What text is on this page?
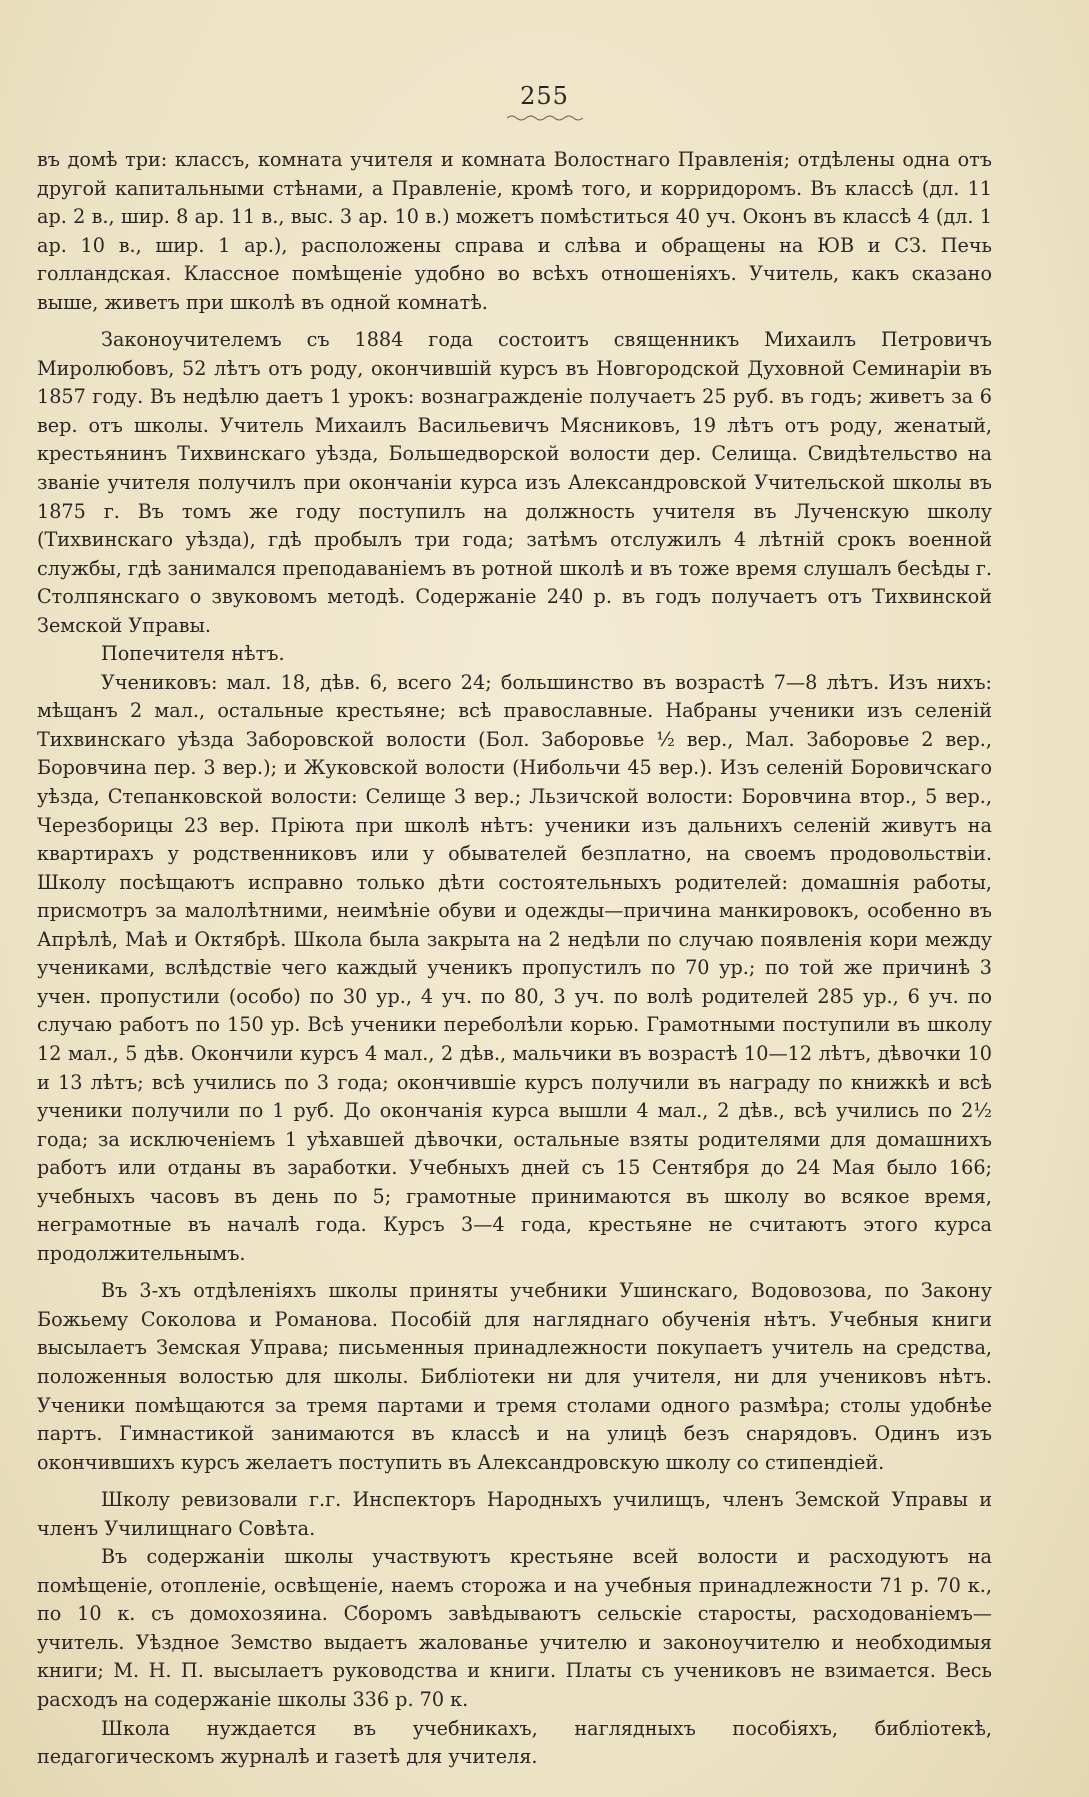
255

въ домѣ три: классъ, комната учителя и комната Волостнаго Правленія; отдѣлены одна отъ другой капитальными стѣнами, а Правленіе, кромѣ того, и корридоромъ. Въ классѣ (дл. 11 ар. 2 в., шир. 8 ар. 11 в., выс. 3 ар. 10 в.) можетъ помѣститься 40 уч. Оконъ въ классѣ 4 (дл. 1 ар. 10 в., шир. 1 ар.), расположены справа и слѣва и обращены на ЮВ и СЗ. Печь голландская. Классное помѣщеніе удобно во всѣхъ отношеніяхъ. Учитель, какъ сказано выше, живетъ при школѣ въ одной комнатѣ.

Законоучителемъ съ 1884 года состоитъ священникъ Михаилъ Петровичъ Миролюбовъ, 52 лѣтъ отъ роду, окончившій курсъ въ Новгородской Духовной Семинаріи въ 1857 году. Въ недѣлю даетъ 1 урокъ: вознагражденіе получаетъ 25 руб. въ годъ; живетъ за 6 вер. отъ школы. Учитель Михаилъ Васильевичъ Мясниковъ, 19 лѣтъ отъ роду, женатый, крестьянинъ Тихвинскаго уѣзда, Большедворской волости дер. Селища. Свидѣтельство на званіе учителя получилъ при окончаніи курса изъ Александровской Учительской школы въ 1875 г. Въ томъ же году поступилъ на должность учителя въ Лученскую школу (Тихвинскаго уѣзда), гдѣ пробылъ три года; затѣмъ отслужилъ 4 лѣтній срокъ военной службы, гдѣ занимался преподаваніемъ въ ротной школѣ и въ тоже время слушалъ бесѣды г. Столпянскаго о звуковомъ методѣ. Содержаніе 240 р. въ годъ получаетъ отъ Тихвинской Земской Управы.

Попечителя нѣтъ.

Учениковъ: мал. 18, дѣв. 6, всего 24; большинство въ возрастѣ 7—8 лѣтъ. Изъ нихъ: мѣщанъ 2 мал., остальные крестьяне; всѣ православные. Набраны ученики изъ селеній Тихвинскаго уѣзда Заборовской волости (Бол. Заборовье ½ вер., Мал. Заборовье 2 вер., Боровчина пер. 3 вер.); и Жуковской волости (Нибольчи 45 вер.). Изъ селеній Боровичскаго уѣзда, Степанковской волости: Селище 3 вер.; Льзичской волости: Боровчина втор., 5 вер., Черезборицы 23 вер. Пріюта при школѣ нѣтъ: ученики изъ дальнихъ селеній живутъ на квартирахъ у родственниковъ или у обывателей безплатно, на своемъ продовольствіи. Школу посѣщаютъ исправно только дѣти состоятельныхъ родителей: домашнія работы, присмотръ за малолѣтними, неимѣніе обуви и одежды—причина манкировокъ, особенно въ Апрѣлѣ, Маѣ и Октябрѣ. Школа была закрыта на 2 недѣли по случаю появленія кори между учениками, вслѣдствіе чего каждый ученикъ пропустилъ по 70 ур.; по той же причинѣ 3 учен. пропустили (особо) по 30 ур., 4 уч. по 80, 3 уч. по волѣ родителей 285 ур., 6 уч. по случаю работъ по 150 ур. Всѣ ученики переболѣли корью. Грамотными поступили въ школу 12 мал., 5 дѣв. Окончили курсъ 4 мал., 2 дѣв., мальчики въ возрастѣ 10—12 лѣтъ, дѣвочки 10 и 13 лѣтъ; всѣ учились по 3 года; окончившіе курсъ получили въ награду по книжкѣ и всѣ ученики получили по 1 руб. До окончанія курса вышли 4 мал., 2 дѣв., всѣ учились по 2½ года; за исключеніемъ 1 уѣхавшей дѣвочки, остальные взяты родителями для домашнихъ работъ или отданы въ заработки. Учебныхъ дней съ 15 Сентября до 24 Мая было 166; учебныхъ часовъ въ день по 5; грамотные принимаются въ школу во всякое время, неграмотные въ началѣ года. Курсъ 3—4 года, крестьяне не считаютъ этого курса продолжительнымъ.

Въ 3-хъ отдѣленіяхъ школы приняты учебники Ушинскаго, Водовозова, по Закону Божьему Соколова и Романова. Пособій для нагляднаго обученія нѣтъ. Учебныя книги высылаетъ Земская Управа; письменныя принадлежности покупаетъ учитель на средства, положенныя волостью для школы. Библіотеки ни для учителя, ни для учениковъ нѣтъ. Ученики помѣщаются за тремя партами и тремя столами одного размѣра; столы удобнѣе партъ. Гимнастикой занимаются въ классѣ и на улицѣ безъ снарядовъ. Одинъ изъ окончившихъ курсъ желаетъ поступить въ Александровскую школу со стипендіей.

Школу ревизовали г.г. Инспекторъ Народныхъ училищъ, членъ Земской Управы и членъ Училищнаго Совѣта.

Въ содержаніи школы участвуютъ крестьяне всей волости и расходуютъ на помѣщеніе, отопленіе, освѣщеніе, наемъ сторожа и на учебныя принадлежности 71 р. 70 к., по 10 к. съ домохозяина. Сборомъ завѣдываютъ сельскіе старосты, расходованіемъ—учитель. Уѣздное Земство выдаетъ жалованье учителю и законоучителю и необходимыя книги; М. Н. П. высылаетъ руководства и книги. Платы съ учениковъ не взимается. Весь расходъ на содержаніе школы 336 р. 70 к.

Школа нуждается въ учебникахъ, наглядныхъ пособіяхъ, библіотекѣ, педагогическомъ журналѣ и газетѣ для учителя.
